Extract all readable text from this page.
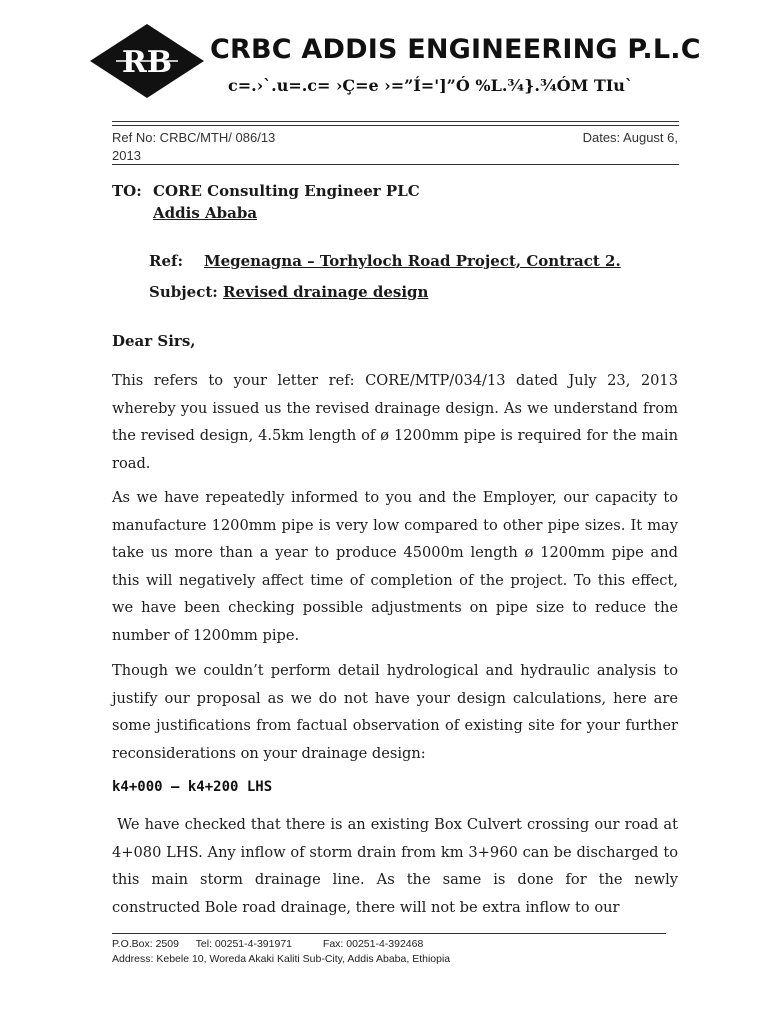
RB CRBC ADDIS ENGINEERING P.L.C
c=.›`.u=.c= ›Ç=e ›=”Í=']”Ó %L.¾}.¾ÓM TIu`
Ref No: CRBC/MTH/ 086/13	Dates: August 6,

2013
TO: CORE Consulting Engineer PLC
Addis Ababa
Ref: Megenagna – Torhyloch Road Project, Contract 2.
Subject: Revised drainage design
Dear Sirs,
This refers to your letter ref: CORE/MTP/034/13 dated July 23, 2013 whereby you issued us the revised drainage design. As we understand from the revised design, 4.5km length of ø 1200mm pipe is required for the main road.
As we have repeatedly informed to you and the Employer, our capacity to manufacture 1200mm pipe is very low compared to other pipe sizes. It may take us more than a year to produce 45000m length ø 1200mm pipe and this will negatively affect time of completion of the project. To this effect, we have been checking possible adjustments on pipe size to reduce the number of 1200mm pipe.
Though we couldn’t perform detail hydrological and hydraulic analysis to justify our proposal as we do not have your design calculations, here are some justifications from factual observation of existing site for your further reconsiderations on your drainage design:
k4+000 – k4+200 LHS
We have checked that there is an existing Box Culvert crossing our road at 4+080 LHS. Any inflow of storm drain from km 3+960 can be discharged to this main storm drainage line. As the same is done for the newly constructed Bole road drainage, there will not be extra inflow to our
P.O.Box: 2509 Tel: 00251-4-391971	Fax: 00251-4-392468
Address: Kebele 10, Woreda Akaki Kaliti Sub-City, Addis Ababa, Ethiopia
